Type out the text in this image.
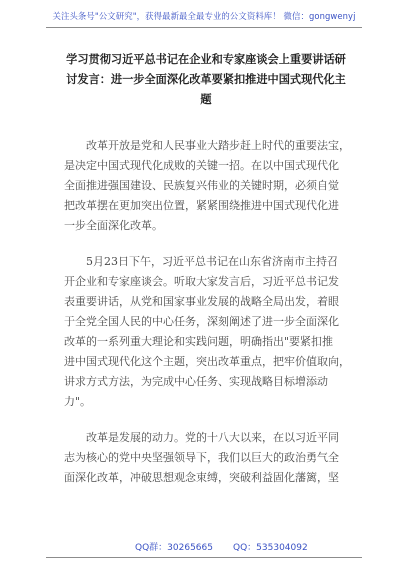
关注头条号"公文研究"，获得最新最全最专业的公文资料库！ 微信：gongwenyj
学习贯彻习近平总书记在企业和专家座谈会上重要讲话研
讨发言：进一步全面深化改革要紧扣推进中国式现代化主
题
改革开放是党和人民事业大踏步赶上时代的重要法宝，
是决定中国式现代化成败的关键一招。在以中国式现代化
全面推进强国建设、民族复兴伟业的关键时期，必须自觉
把改革摆在更加突出位置，紧紧围绕推进中国式现代化进
一步全面深化改革。
5月23日下午，习近平总书记在山东省济南市主持召
开企业和专家座谈会。听取大家发言后，习近平总书记发
表重要讲话，从党和国家事业发展的战略全局出发，着眼
于全党全国人民的中心任务，深刻阐述了进一步全面深化
改革的一系列重大理论和实践问题，明确指出"要紧扣推
进中国式现代化这个主题，突出改革重点，把牢价值取向，
讲求方式方法，为完成中心任务、实现战略目标增添动
力"。
改革是发展的动力。党的十八大以来，在以习近平同
志为核心的党中央坚强领导下，我们以巨大的政治勇气全
面深化改革，冲破思想观念束缚，突破利益固化藩篱，坚
QQ群：30265665 QQ：535304092
